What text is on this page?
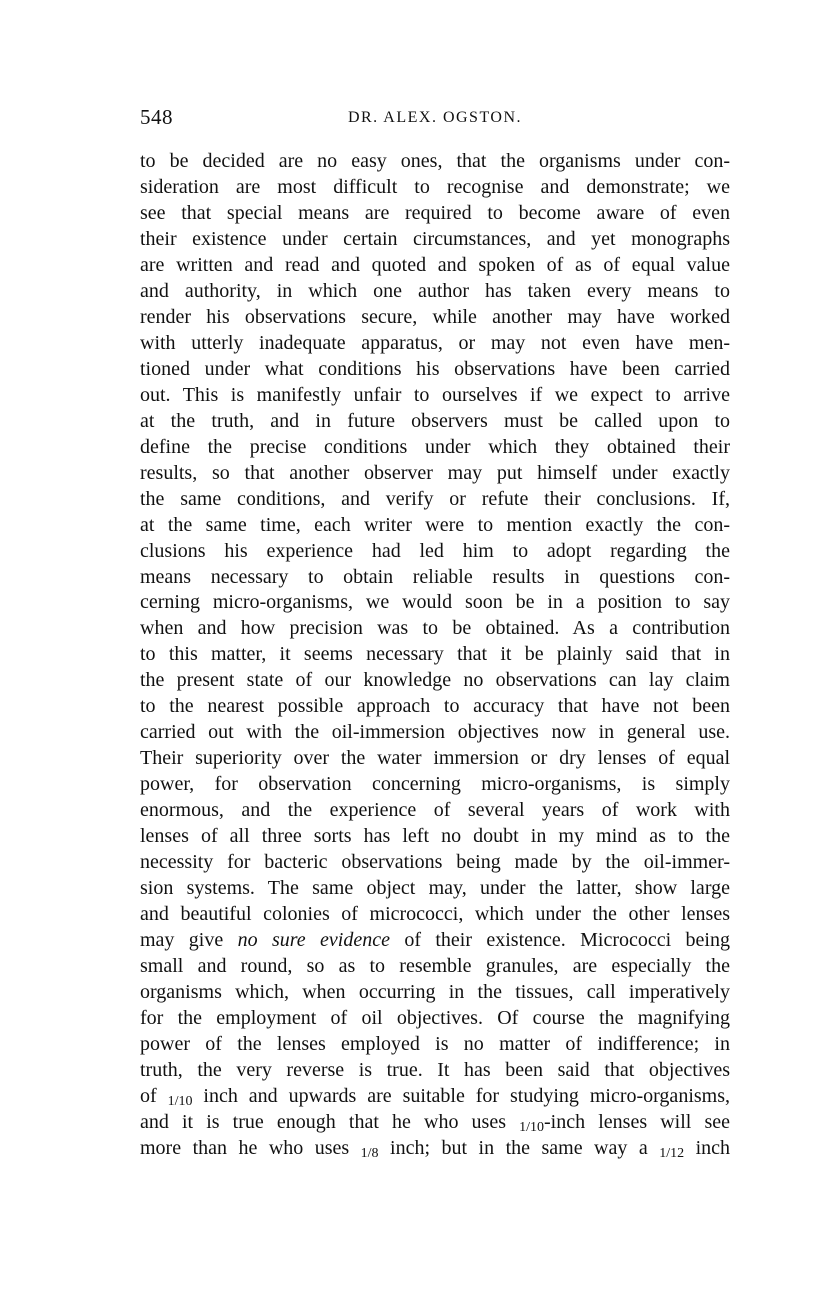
548	DR. ALEX. OGSTON.
to be decided are no easy ones, that the organisms under con-
sideration are most difficult to recognise and demonstrate; we
see that special means are required to become aware of even
their existence under certain circumstances, and yet monographs
are written and read and quoted and spoken of as of equal value
and authority, in which one author has taken every means to
render his observations secure, while another may have worked
with utterly inadequate apparatus, or may not even have men-
tioned under what conditions his observations have been carried
out. This is manifestly unfair to ourselves if we expect to arrive
at the truth, and in future observers must be called upon to
define the precise conditions under which they obtained their
results, so that another observer may put himself under exactly
the same conditions, and verify or refute their conclusions. If,
at the same time, each writer were to mention exactly the con-
clusions his experience had led him to adopt regarding the
means necessary to obtain reliable results in questions con-
cerning micro-organisms, we would soon be in a position to say
when and how precision was to be obtained. As a contribution
to this matter, it seems necessary that it be plainly said that in
the present state of our knowledge no observations can lay claim
to the nearest possible approach to accuracy that have not been
carried out with the oil-immersion objectives now in general use.
Their superiority over the water immersion or dry lenses of equal
power, for observation concerning micro-organisms, is simply
enormous, and the experience of several years of work with
lenses of all three sorts has left no doubt in my mind as to the
necessity for bacteric observations being made by the oil-immer-
sion systems. The same object may, under the latter, show large
and beautiful colonies of micrococci, which under the other lenses
may give no sure evidence of their existence. Micrococci being
small and round, so as to resemble granules, are especially the
organisms which, when occurring in the tissues, call imperatively
for the employment of oil objectives. Of course the magnifying
power of the lenses employed is no matter of indifference; in
truth, the very reverse is true. It has been said that objectives
of 1/10 inch and upwards are suitable for studying micro-organisms,
and it is true enough that he who uses 1/10-inch lenses will see
more than he who uses 1/8 inch; but in the same way a 1/12 inch
